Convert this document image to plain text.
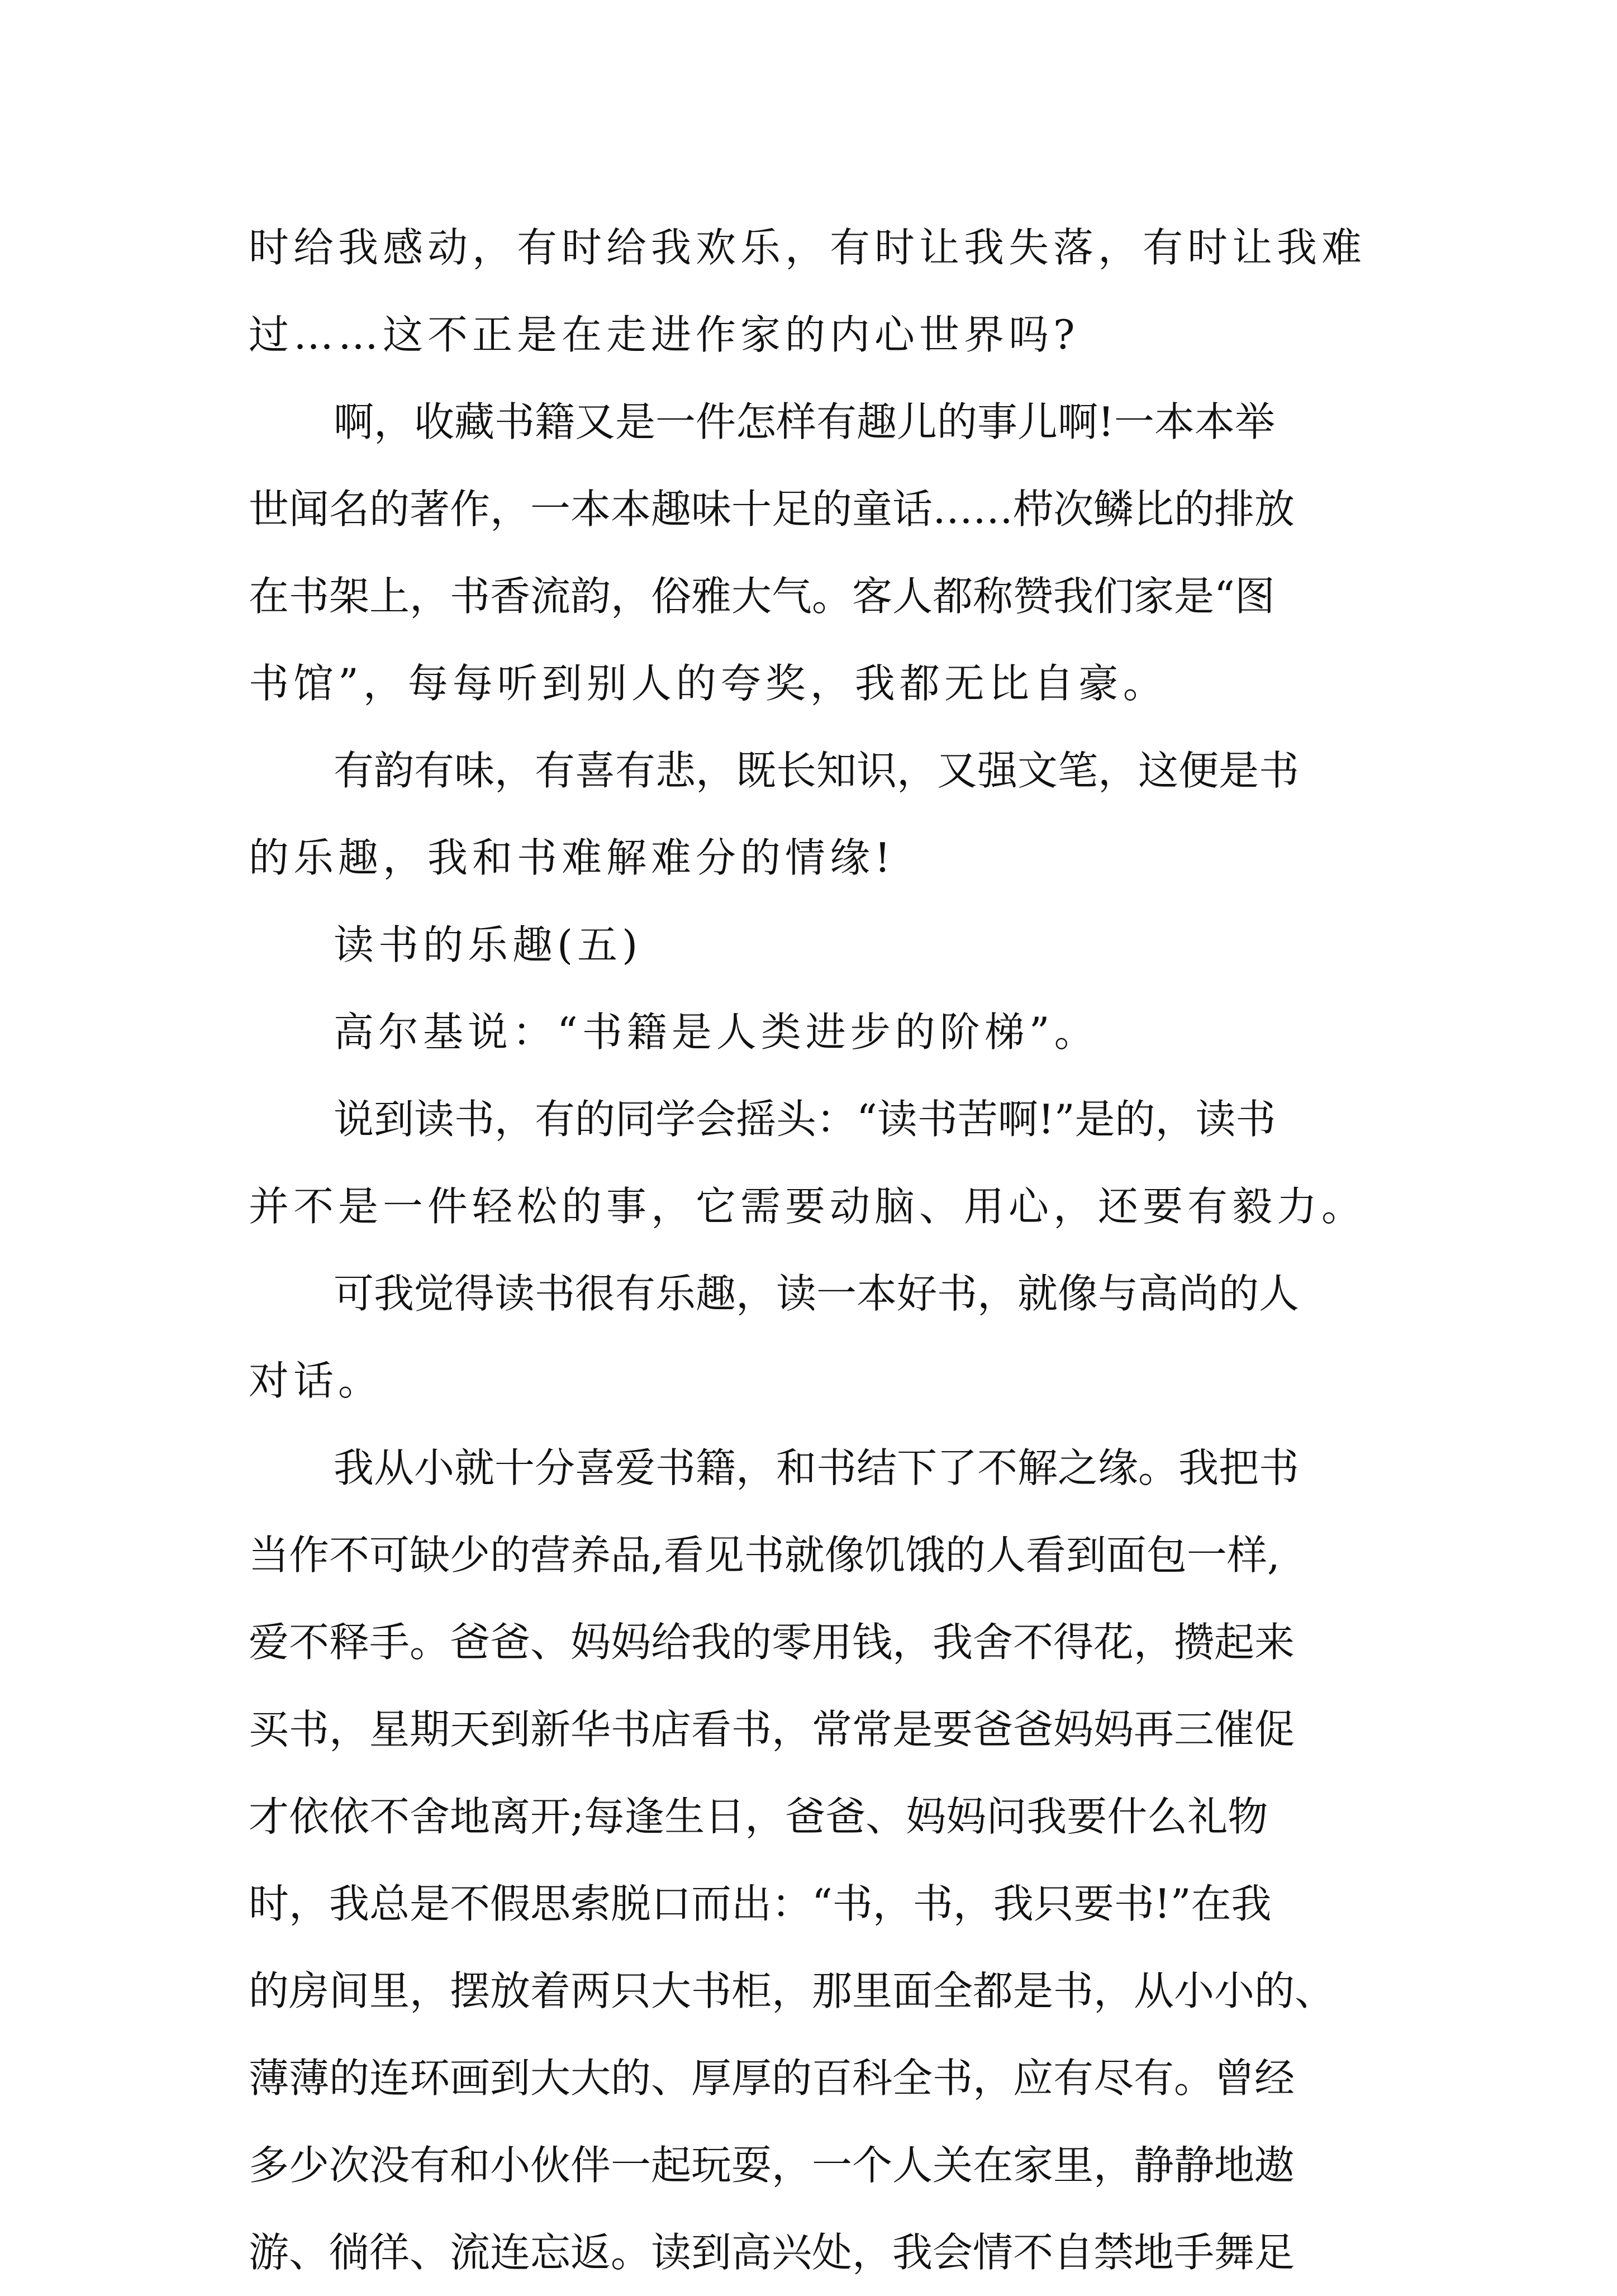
时给我感动，有时给我欢乐，有时让我失落，有时让我难
过……这不正是在走进作家的内心世界吗?
啊，收藏书籍又是一件怎样有趣儿的事儿啊!一本本举
世闻名的著作，一本本趣味十足的童话……栉次鳞比的排放
在书架上，书香流韵，俗雅大气。客人都称赞我们家是“图
书馆”，每每听到别人的夸奖，我都无比自豪。
有韵有味，有喜有悲，既长知识，又强文笔，这便是书
的乐趣，我和书难解难分的情缘!
读书的乐趣(五)
高尔基说：“书籍是人类进步的阶梯”。
说到读书，有的同学会摇头：“读书苦啊!”是的，读书
并不是一件轻松的事，它需要动脑、用心，还要有毅力。
可我觉得读书很有乐趣，读一本好书，就像与高尚的人
对话。
我从小就十分喜爱书籍，和书结下了不解之缘。我把书
当作不可缺少的营养品,看见书就像饥饿的人看到面包一样,
爱不释手。爸爸、妈妈给我的零用钱，我舍不得花，攒起来
买书，星期天到新华书店看书，常常是要爸爸妈妈再三催促
才依依不舍地离开;每逢生日，爸爸、妈妈问我要什么礼物
时，我总是不假思索脱口而出：“书，书，我只要书!”在我
的房间里，摆放着两只大书柜，那里面全都是书，从小小的、
薄薄的连环画到大大的、厚厚的百科全书，应有尽有。曾经
多少次没有和小伙伴一起玩耍，一个人关在家里，静静地遨
游、徜徉、流连忘返。读到高兴处，我会情不自禁地手舞足
